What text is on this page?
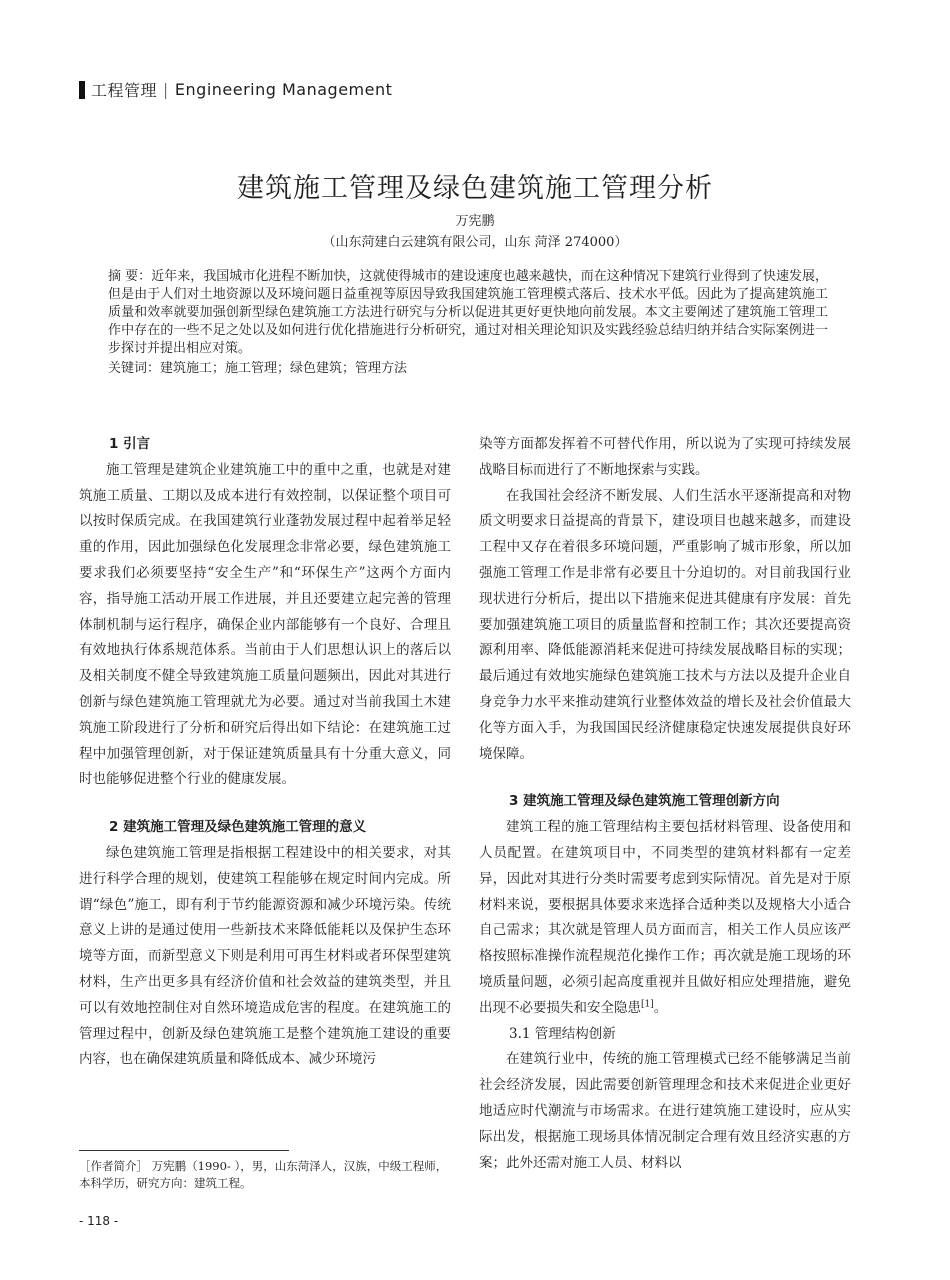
工程管理 | Engineering Management
建筑施工管理及绿色建筑施工管理分析
万宪鹏
（山东菏建白云建筑有限公司，山东 菏泽 274000）
摘 要：近年来，我国城市化进程不断加快，这就使得城市的建设速度也越来越快，而在这种情况下建筑行业得到了快速发展，但是由于人们对土地资源以及环境问题日益重视等原因导致我国建筑施工管理模式落后、技术水平低。因此为了提高建筑施工质量和效率就要加强创新型绿色建筑施工方法进行研究与分析以促进其更好更快地向前发展。本文主要阐述了建筑施工管理工作中存在的一些不足之处以及如何进行优化措施进行分析研究，通过对相关理论知识及实践经验总结归纳并结合实际案例进一步探讨并提出相应对策。
关键词：建筑施工；施工管理；绿色建筑；管理方法
1 引言

施工管理是建筑企业建筑施工中的重中之重，也就是对建筑施工质量、工期以及成本进行有效控制，以保证整个项目可以按时保质完成。在我国建筑行业蓬勃发展过程中起着举足轻重的作用，因此加强绿色化发展理念非常必要，绿色建筑施工要求我们必须要坚持“安全生产”和“环保生产”这两个方面内容，指导施工活动开展工作进展，并且还要建立起完善的管理体制机制与运行程序，确保企业内部能够有一个良好、合理且有效地执行体系规范体系。当前由于人们思想认识上的落后以及相关制度不健全导致建筑施工质量问题频出，因此对其进行创新与绿色建筑施工管理就尤为必要。通过对当前我国土木建筑施工阶段进行了分析和研究后得出如下结论：在建筑施工过程中加强管理创新，对于保证建筑质量具有十分重大意义，同时也能够促进整个行业的健康发展。

2 建筑施工管理及绿色建筑施工管理的意义

绿色建筑施工管理是指根据工程建设中的相关要求，对其进行科学合理的规划，使建筑工程能够在规定时间内完成。所谓“绿色”施工，即有利于节约能源资源和减少环境污染。传统意义上讲的是通过使用一些新技术来降低能耗以及保护生态环境等方面，而新型意义下则是利用可再生材料或者环保型建筑材料，生产出更多具有经济价值和社会效益的建筑类型，并且可以有效地控制住对自然环境造成危害的程度。在建筑施工的管理过程中，创新及绿色建筑施工是整个建筑施工建设的重要内容，也在确保建筑质量和降低成本、减少环境污

染等方面都发挥着不可替代作用，所以说为了实现可持续发展战略目标而进行了不断地探索与实践。

在我国社会经济不断发展、人们生活水平逐渐提高和对物质文明要求日益提高的背景下，建设项目也越来越多，而建设工程中又存在着很多环境问题，严重影响了城市形象，所以加强施工管理工作是非常有必要且十分迫切的。对目前我国行业现状进行分析后，提出以下措施来促进其健康有序发展：首先要加强建筑施工项目的质量监督和控制工作；其次还要提高资源利用率、降低能源消耗来促进可持续发展战略目标的实现；最后通过有效地实施绿色建筑施工技术与方法以及提升企业自身竞争力水平来推动建筑行业整体效益的增长及社会价值最大化等方面入手，为我国国民经济健康稳定快速发展提供良好环境保障。

3 建筑施工管理及绿色建筑施工管理创新方向

建筑工程的施工管理结构主要包括材料管理、设备使用和人员配置。在建筑项目中，不同类型的建筑材料都有一定差异，因此对其进行分类时需要考虑到实际情况。首先是对于原材料来说，要根据具体要求来选择合适种类以及规格大小适合自己需求；其次就是管理人员方面而言，相关工作人员应该严格按照标准操作流程规范化操作工作；再次就是施工现场的环境质量问题，必须引起高度重视并且做好相应处理措施，避免出现不必要损失和安全隐患[1]。

3.1 管理结构创新

在建筑行业中，传统的施工管理模式已经不能够满足当前社会经济发展，因此需要创新管理理念和技术来促进企业更好地适应时代潮流与市场需求。在进行建筑施工建设时，应从实际出发，根据施工现场具体情况制定合理有效且经济实惠的方案；此外还需对施工人员、材料以

［作者简介］ 万宪鹏（1990- ），男，山东菏泽人，汉族，中级工程师，本科学历，研究方向：建筑工程。
- 118 -
